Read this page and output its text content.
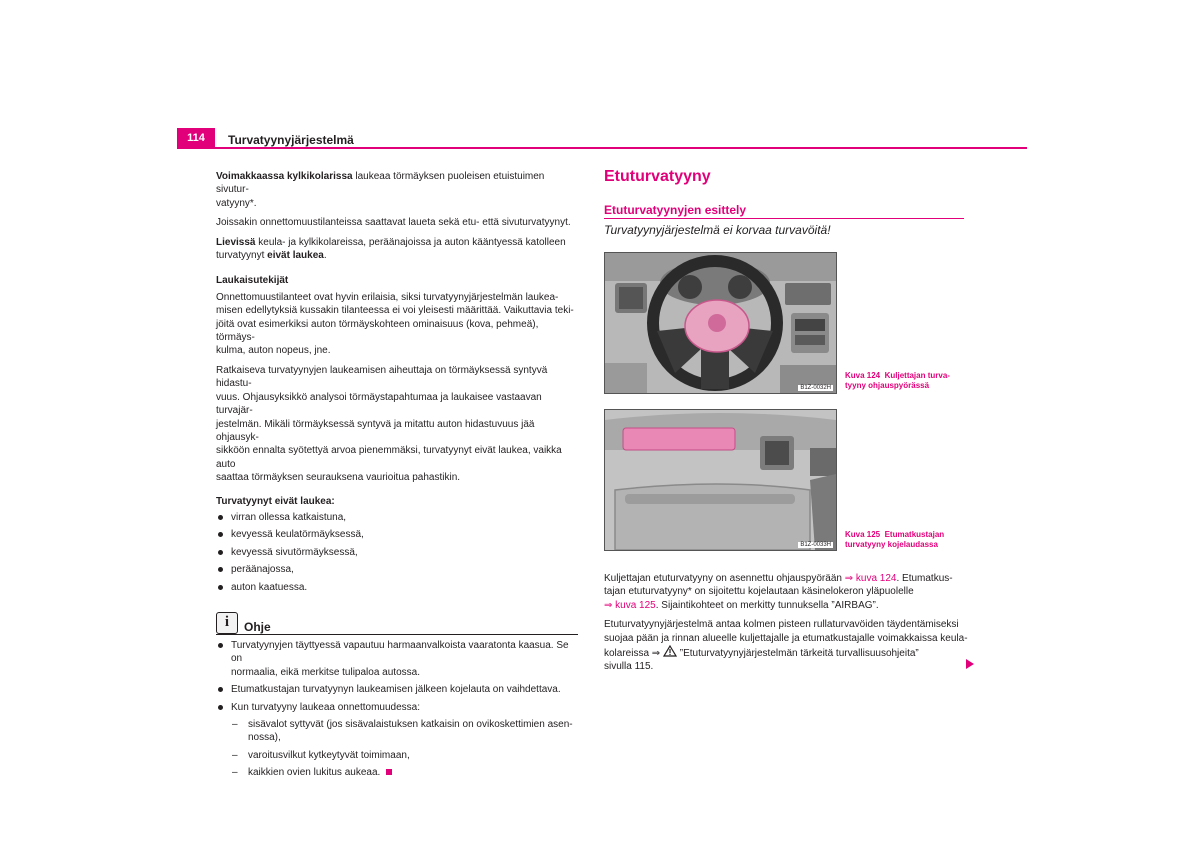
114	Turvatyynyjärjestelmä

Voimakkaassa kylkikolarissa laukeaa törmäyksen puoleisen etuistuimen sivutur-
vatyyny*.

Joissakin onnettomuustilanteissa saattavat laueta sekä etu- että sivuturvatyynyt.

Lievissä keula- ja kylkikolareissa, peräänajoissa ja auton kääntyessä katolleen
turvatyynyt eivät laukea.

Laukaisutekijät

Onnettomuustilanteet ovat hyvin erilaisia, siksi turvatyynyjärjestelmän laukea-
misen edellytyksiä kussakin tilanteessa ei voi yleisesti määrittää. Vaikuttavia teki-
jöitä ovat esimerkiksi auton törmäyskohteen ominaisuus (kova, pehmeä), törmäys-
kulma, auton nopeus, jne.

Ratkaiseva turvatyynyjen laukeamisen aiheuttaja on törmäyksessä syntyvä hidastu-
vuus. Ohjausyksikkö analysoi törmäystapahtumaa ja laukaisee vastaavan turvajär-
jestelmän. Mikäli törmäyksessä syntyvä ja mitattu auton hidastuvuus jää ohjausyk-
sikköön ennalta syötettyä arvoa pienemmäksi, turvatyynyt eivät laukea, vaikka auto
saattaa törmäyksen seurauksena vaurioitua pahastikin.

Turvatyynyt eivät laukea:
virran ollessa katkaistuna,
kevyessä keulatörmäyksessä,
kevyessä sivutörmäyksessä,
peräänajossa,
auton kaatuessa.
i Ohje
Turvatyynyjen täyttyessä vapautuu harmaanvalkoista vaaratonta kaasua. Se on
normaalia, eikä merkitse tulipaloa autossa.
Etumatkustajan turvatyynyn laukeamisen jälkeen kojelauta on vaihdettava.
Kun turvatyyny laukeaa onnettomuudessa:
– sisävalot syttyvät (jos sisävalaistuksen katkaisin on ovikoskettimien asen-
nossa),
– varoitusvilkut kytkeytyvät toimimaan,
– kaikkien ovien lukitus aukeaa.
Etuturvatyyny
Etuturvatyynyjen esittely
Turvatyynyjärjestelmä ei korvaa turvavöitä!
B1Z-0032H
Kuva 124 Kuljettajan turva-
tyyny ohjauspyörässä
B1Z-0033H
Kuva 125 Etumatkustajan
turvatyyny kojelaudassa

Kuljettajan etuturvatyyny on asennettu ohjauspyörään ⇒ kuva 124. Etumatkus-
tajan etuturvatyyny* on sijoitettu kojelautaan käsinelokeron yläpuolelle
⇒ kuva 125. Sijaintikohteet on merkitty tunnuksella ”AIRBAG”.

Etuturvatyynyjärjestelmä antaa kolmen pisteen rullaturvavöiden täydentämiseksi
suojaa pään ja rinnan alueelle kuljettajalle ja etumatkustajalle voimakkaissa keula-
kolareissa ⇒  ”Etuturvatyynyjärjestelmän tärkeitä turvallisuusohjeita”
sivulla 115.
